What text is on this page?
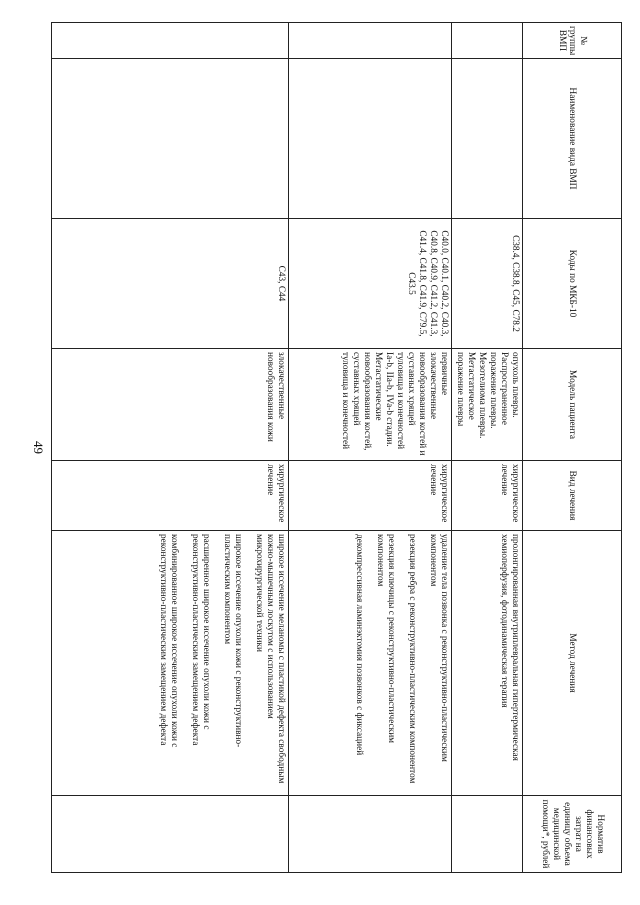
49
№ группы ВМП	Наименование вида ВМП	Коды по МКБ-10	Модель пациента	Вид лечения	Метод лечения	Норматив финансовых затрат на единицу объема медицинской помощи*, рублей
		C38.4, C38.8, C45, C78.2	опухоль плевры. Распространенное поражение плевры. Мезотелиома плевры. Метастатическое поражение плевры	хирургическое лечение	пролонгированная внутриплевральная гипертермическая хемиоперфузия, фотодинамическая терапия	

		C40.0, C40.1, C40.2, C40.3, C40.8, C40.9, C41.2, C41.3, C41.4, C41.8, C41.9, C79.5, C43.5	первичные злокачественные новообразования костей и суставных хрящей туловища и конечностей Ia-b, IIa-b, IVa-b стадии. Метастатические новообразования костей, суставных хрящей туловища и конечностей	хирургическое лечение	удаление тела позвонка с реконструктивно-пластическим компонентом
резекция ребра с реконструктивно-пластическим компонентом
резекция ключицы с реконструктивно-пластическим компонентом
декомпрессивная ламинэктомия позвонков с фиксацией	

		C43, C44	злокачественные новообразования кожи	хирургическое лечение	широкое иссечение меланомы с пластикой дефекта свободным кожно-мышечным лоскутом с использованием микрохирургической техники
широкое иссечение опухоли кожи с реконструктивно-пластическим компонентом
расширенное широкое иссечение опухоли кожи с реконструктивно-пластическим замещением дефекта
комбинированное широкое иссечение опухоли кожи с реконструктивно-пластическим замещением дефекта	
